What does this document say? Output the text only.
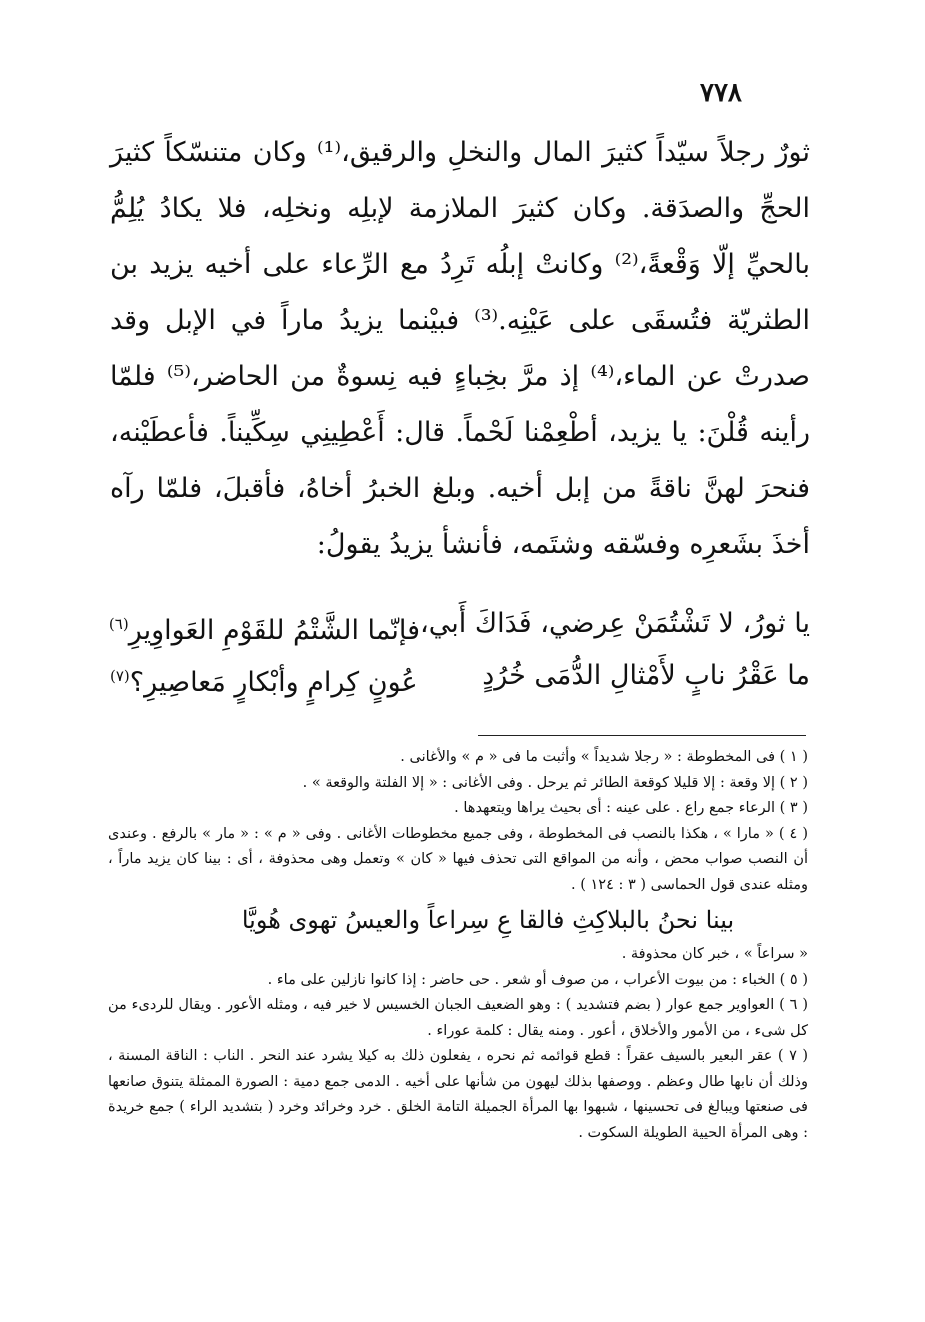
٧٧٨

ثورٌ رجلاً سيّداً كثيرَ المال والنخلِ والرقيق،⁽¹⁾ وكان متنسّكاً كثيرَ الحجِّ والصدَقة. وكان كثيرَ الملازمة لإبلِه ونخلِه، فلا يكادُ يُلِمُّ بالحيِّ إلّا وَقْعةً،⁽²⁾ وكانتْ إبلُه تَرِدُ مع الرِّعاء على أخيه يزيد بن الطثريّة فتُسقَى على عَيْنِه.⁽³⁾ فبيْنما يزيدُ ماراً في الإبل وقد صدرتْ عن الماء،⁽⁴⁾ إذ مرَّ بخِباءٍ فيه نِسوةٌ من الحاضر،⁽⁵⁾ فلمّا رأينه قُلْنَ: يا يزيد، أطْعِمْنا لَحْماً. قال: أَعْطِينِي سِكِّيناً. فأعطَيْنه، فنحرَ لهنَّ ناقةً من إبل أخيه. وبلغ الخبرُ أخاهُ، فأقبلَ، فلمّا رآه أخذَ بشَعرِه وفسّقه وشتَمه، فأنشأ يزيدُ يقولُ:

يا ثورُ، لا تَشْتُمَنْ عِرضي، فَدَاكَ أَبي،
فإنّما الشَّتْمُ للقَوْمِ العَواوِيرِ$^{(٦)}$
ما عَقْرُ نابٍ لأَمْثالِ الدُّمَى خُرُدٍ
عُونٍ كِرامٍ وأبْكارٍ مَعاصِيرِ؟$^{(٧)}$

( ١ ) فى المخطوطة : « رجلا شديداً » وأثبت ما فى « م » والأغانى .

( ٢ ) إلا وقعة : إلا قليلا كوقعة الطائر ثم يرحل . وفى الأغانى : « إلا الفلتة والوقعة » .

( ٣ ) الرعاء جمع راع . على عينه : أى بحيث يراها ويتعهدها .

( ٤ ) « مارا » ، هكذا بالنصب فى المخطوطة ، وفى جميع مخطوطات الأغانى . وفى « م » : « مار » بالرفع . وعندى أن النصب صواب محض ، وأنه من المواقع التى تحذف فيها « كان » وتعمل وهى محذوفة ، أى : بينا كان يزيد ماراً ، ومثله عندى قول الحماسى ( ٣ : ١٢٤ ) .

بينا نحنُ بالبلاكِثِ فالقا عِ سِراعاً والعيسُ تهوى هُويَّا

« سراعاً » ، خبر كان محذوفة .

( ٥ ) الخباء : من بيوت الأعراب ، من صوف أو شعر . حى حاضر : إذا كانوا نازلين على ماء .

( ٦ ) العواوير جمع عوار ( بضم فتشديد ) : وهو الضعيف الجبان الخسيس لا خير فيه ، ومثله الأعور . ويقال للردىء من كل شىء ، من الأمور والأخلاق ، أعور . ومنه يقال : كلمة عوراء .

( ٧ ) عقر البعير بالسيف عقراً : قطع قوائمه ثم نحره ، يفعلون ذلك به كيلا يشرد عند النحر . الناب : الناقة المسنة ، وذلك أن نابها طال وعظم . ووصفها بذلك ليهون من شأنها على أخيه . الدمى جمع دمية : الصورة الممثلة يتنوق صانعها فى صنعتها ويبالغ فى تحسينها ، شبهوا بها المرأة الجميلة التامة الخلق . خرد وخرائد وخرد ( بتشديد الراء ) جمع خريدة : وهى المرأة الحيية الطويلة السكوت .
